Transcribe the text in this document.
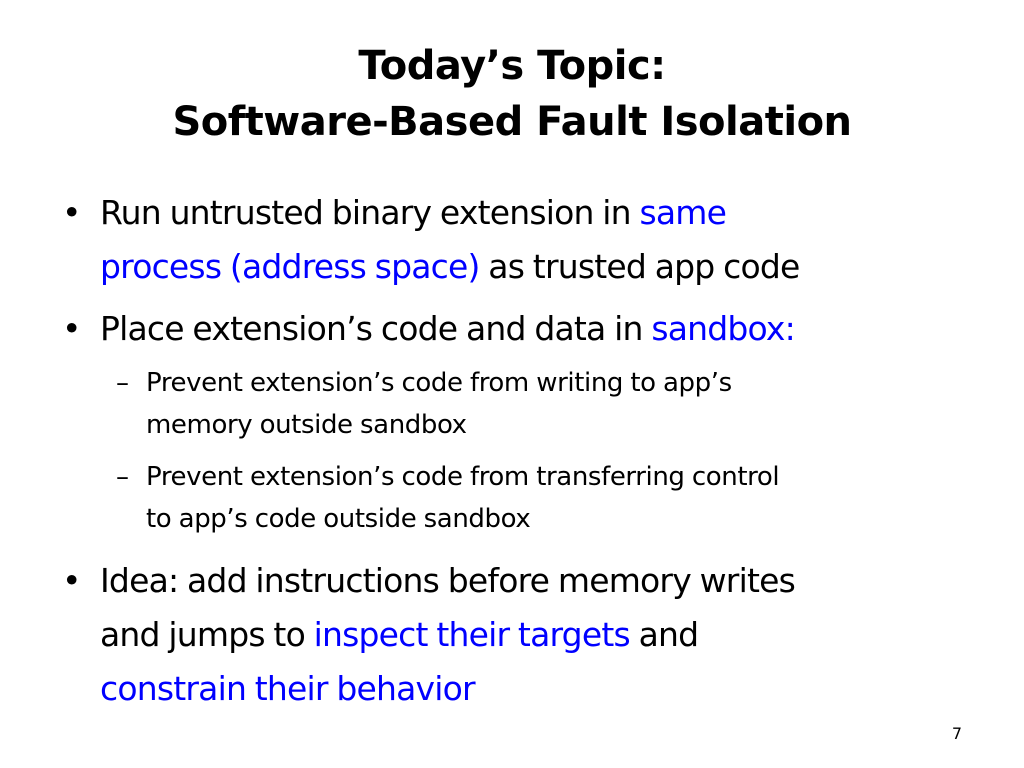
Today’s Topic:
Software-Based Fault Isolation
• Run untrusted binary extension in same
process (address space) as trusted app code
• Place extension’s code and data in sandbox:
– Prevent extension’s code from writing to app’s
memory outside sandbox
– Prevent extension’s code from transferring control
to app’s code outside sandbox
• Idea: add instructions before memory writes
and jumps to inspect their targets and
constrain their behavior
7
